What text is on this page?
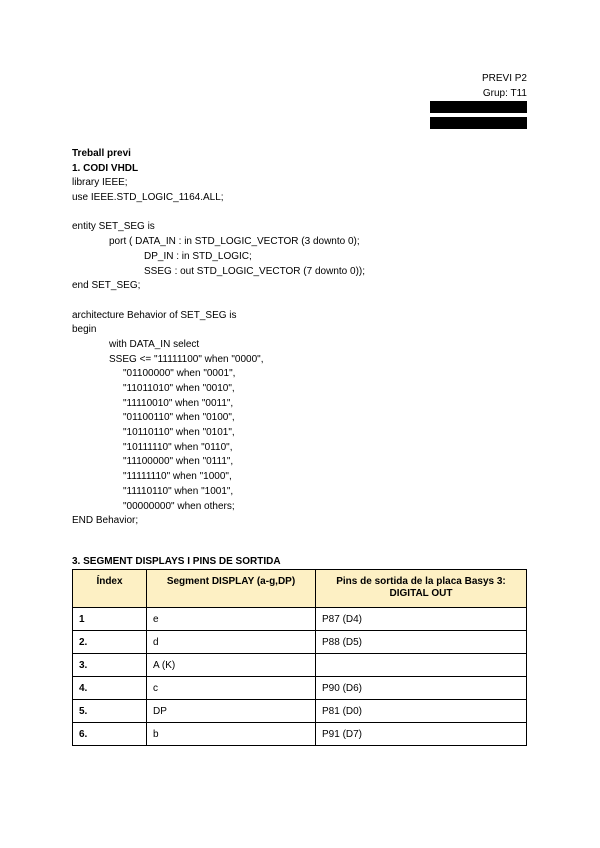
PREVI P2
Grup: T11
Treball previ
1. CODI VHDL
library IEEE;
use IEEE.STD_LOGIC_1164.ALL;
entity SET_SEG is
port ( DATA_IN : in STD_LOGIC_VECTOR (3 downto 0);
DP_IN : in STD_LOGIC;
SSEG : out STD_LOGIC_VECTOR (7 downto 0));
end SET_SEG;
architecture Behavior of SET_SEG is
begin
with DATA_IN select
SSEG <= "11111100" when "0000",
"01100000" when "0001",
"11011010" when "0010",
"11110010" when "0011",
"01100110" when "0100",
"10110110" when "0101",
"10111110" when "0110",
"11100000" when "0111",
"11111110" when "1000",
"11110110" when "1001",
"00000000" when others;
END Behavior;
3. SEGMENT DISPLAYS I PINS DE SORTIDA
Índex	Segment DISPLAY (a-g,DP)	Pins de sortida de la placa Basys 3: DIGITAL OUT
1	e	P87 (D4)
2.	d	P88 (D5)
3.	A (K)	
4.	c	P90 (D6)
5.	DP	P81 (D0)
6.	b	P91 (D7)
